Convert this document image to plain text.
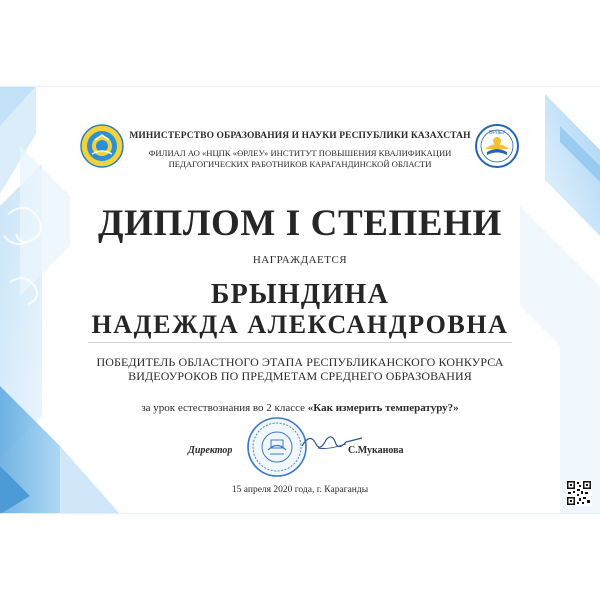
ӨРЛЕУ
МИНИСТЕРСТВО ОБРАЗОВАНИЯ И НАУКИ РЕСПУБЛИКИ КАЗАХСТАН
ФИЛИАЛ АО «НЦПК «ӨРЛЕУ» ИНСТИТУТ ПОВЫШЕНИЯ КВАЛИФИКАЦИИ
ПЕДАГОГИЧЕСКИХ РАБОТНИКОВ КАРАГАНДИНСКОЙ ОБЛАСТИ
ДИПЛОМ I СТЕПЕНИ
НАГРАЖДАЕТСЯ
БРЫНДИНА
НАДЕЖДА АЛЕКСАНДРОВНА
ПОБЕДИТЕЛЬ ОБЛАСТНОГО ЭТАПА РЕСПУБЛИКАНСКОГО КОНКУРСА
ВИДЕОУРОКОВ ПО ПРЕДМЕТАМ СРЕДНЕГО ОБРАЗОВАНИЯ
за урок естествознания во 2 классе «Как измерить температуру?»
Директор	С.Муканова
15 апреля 2020 года, г. Караганды
